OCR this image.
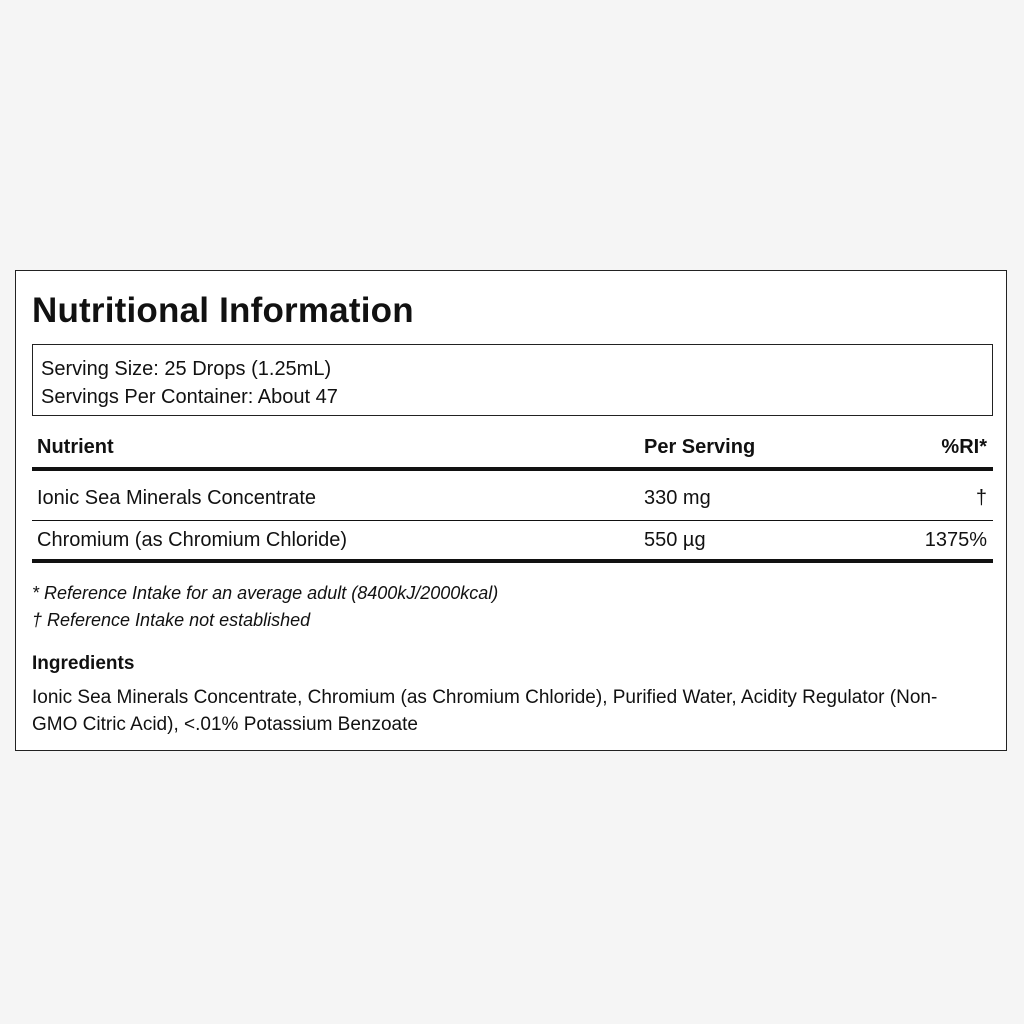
Nutritional Information
Serving Size: 25 Drops (1.25mL)
Servings Per Container: About 47
Nutrient	Per Serving	%RI*
Ionic Sea Minerals Concentrate	330 mg	†
Chromium (as Chromium Chloride)	550 µg	1375%
* Reference Intake for an average adult (8400kJ/2000kcal)
† Reference Intake not established
Ingredients
Ionic Sea Minerals Concentrate, Chromium (as Chromium Chloride), Purified Water, Acidity Regulator (Non-GMO Citric Acid), <.01% Potassium Benzoate
